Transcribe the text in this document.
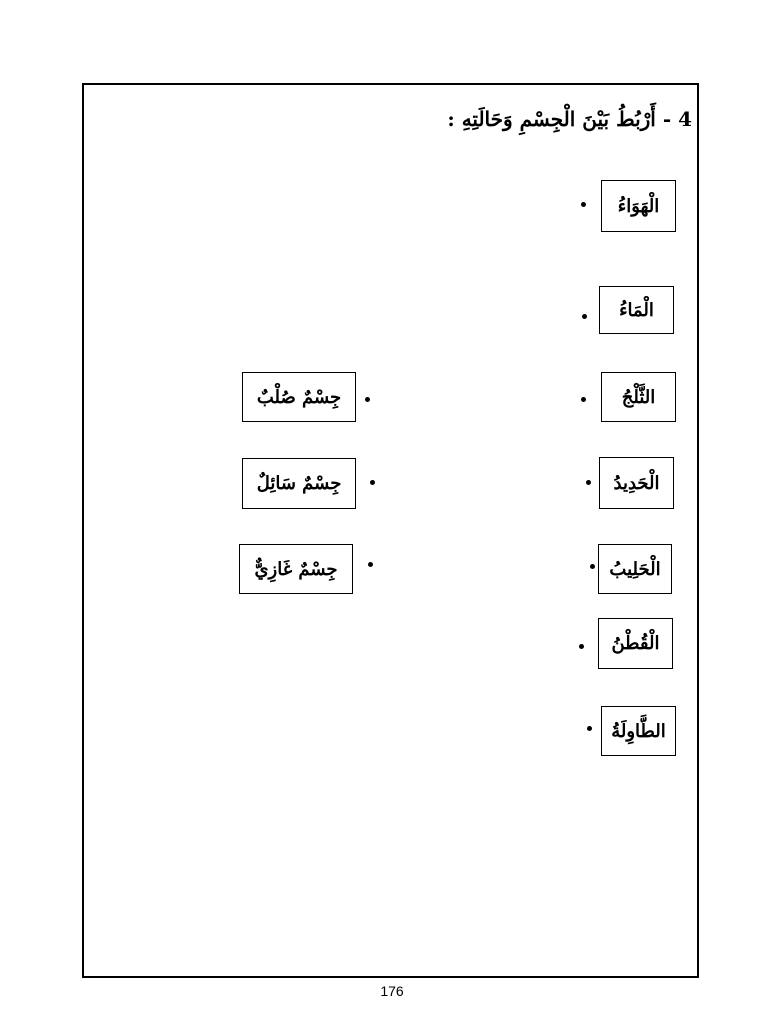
4 - أَرْبُطُ بَيْنَ الْجِسْمِ وَحَالَتِهِ :
الْهَوَاءُ
الْمَاءُ
الثَّلْجُ
الْحَدِيدُ
الْحَلِيبُ
الْقُطْنُ
الطَّاوِلَةُ
جِسْمٌ صُلْبٌ
جِسْمٌ سَائِلٌ
جِسْمٌ غَازِيٌّ
176
